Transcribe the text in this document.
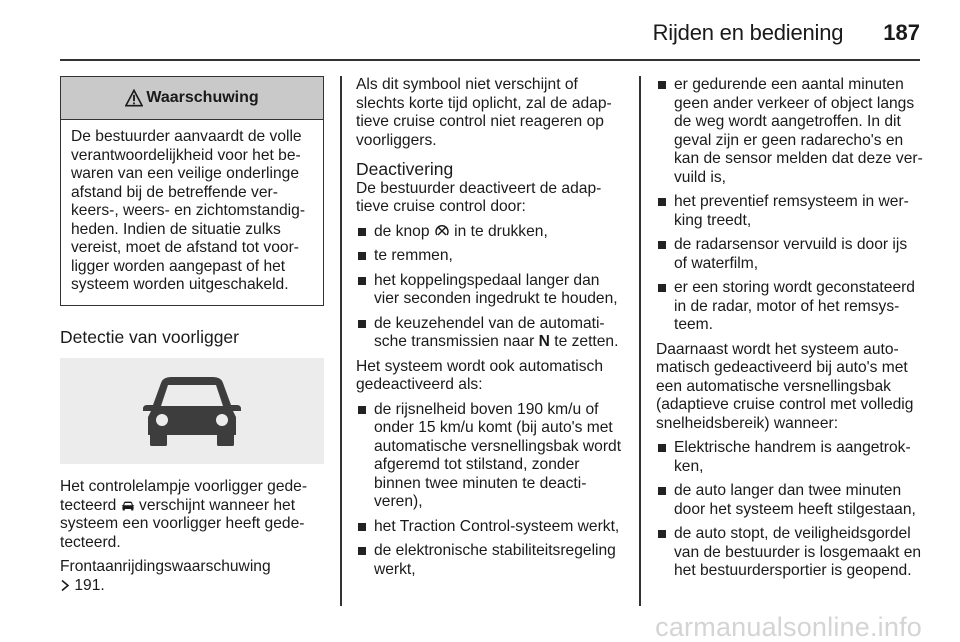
Rijden en bediening 187
Waarschuwing
De bestuurder aanvaardt de volle verantwoordelijkheid voor het bewaren van een veilige onderlinge afstand bij de betreffende verkeers-, weers- en zichtomstandigheden. Indien de situatie zulks vereist, moet de afstand tot voorligger worden aangepast of het systeem worden uitgeschakeld.
Detectie van voorligger

Het controlelampje voorligger gedetecteerd  verschijnt wanneer het systeem een voorligger heeft gedetecteerd.

Frontaanrijdingswaarschuwing
191.

Als dit symbool niet verschijnt of slechts korte tijd oplicht, zal de adaptieve cruise control niet reageren op voorliggers.

Deactivering

De bestuurder deactiveert de adaptieve cruise control door:

de knop  in te drukken,
te remmen,
het koppelingspedaal langer dan vier seconden ingedrukt te houden,
de keuzehendel van de automatische transmissien naar N te zetten.

Het systeem wordt ook automatisch gedeactiveerd als:

de rijsnelheid boven 190 km/u of onder 15 km/u komt (bij auto's met automatische versnellingsbak wordt afgeremd tot stilstand, zonder binnen twee minuten te deactiveren),
het Traction Control-systeem werkt,
de elektronische stabiliteitsregeling werkt,
er gedurende een aantal minuten geen ander verkeer of object langs de weg wordt aangetroffen. In dit geval zijn er geen radarecho's en kan de sensor melden dat deze vervuild is,
het preventief remsysteem in werking treedt,
de radarsensor vervuild is door ijs of waterfilm,
er een storing wordt geconstateerd in de radar, motor of het remsysteem.

Daarnaast wordt het systeem automatisch gedeactiveerd bij auto's met een automatische versnellingsbak (adaptieve cruise control met volledig snelheidsbereik) wanneer:

Elektrische handrem is aangetrokken,
de auto langer dan twee minuten door het systeem heeft stilgestaan,
de auto stopt, de veiligheidsgordel van de bestuurder is losgemaakt en het bestuurdersportier is geopend.
carmanualsonline.info
